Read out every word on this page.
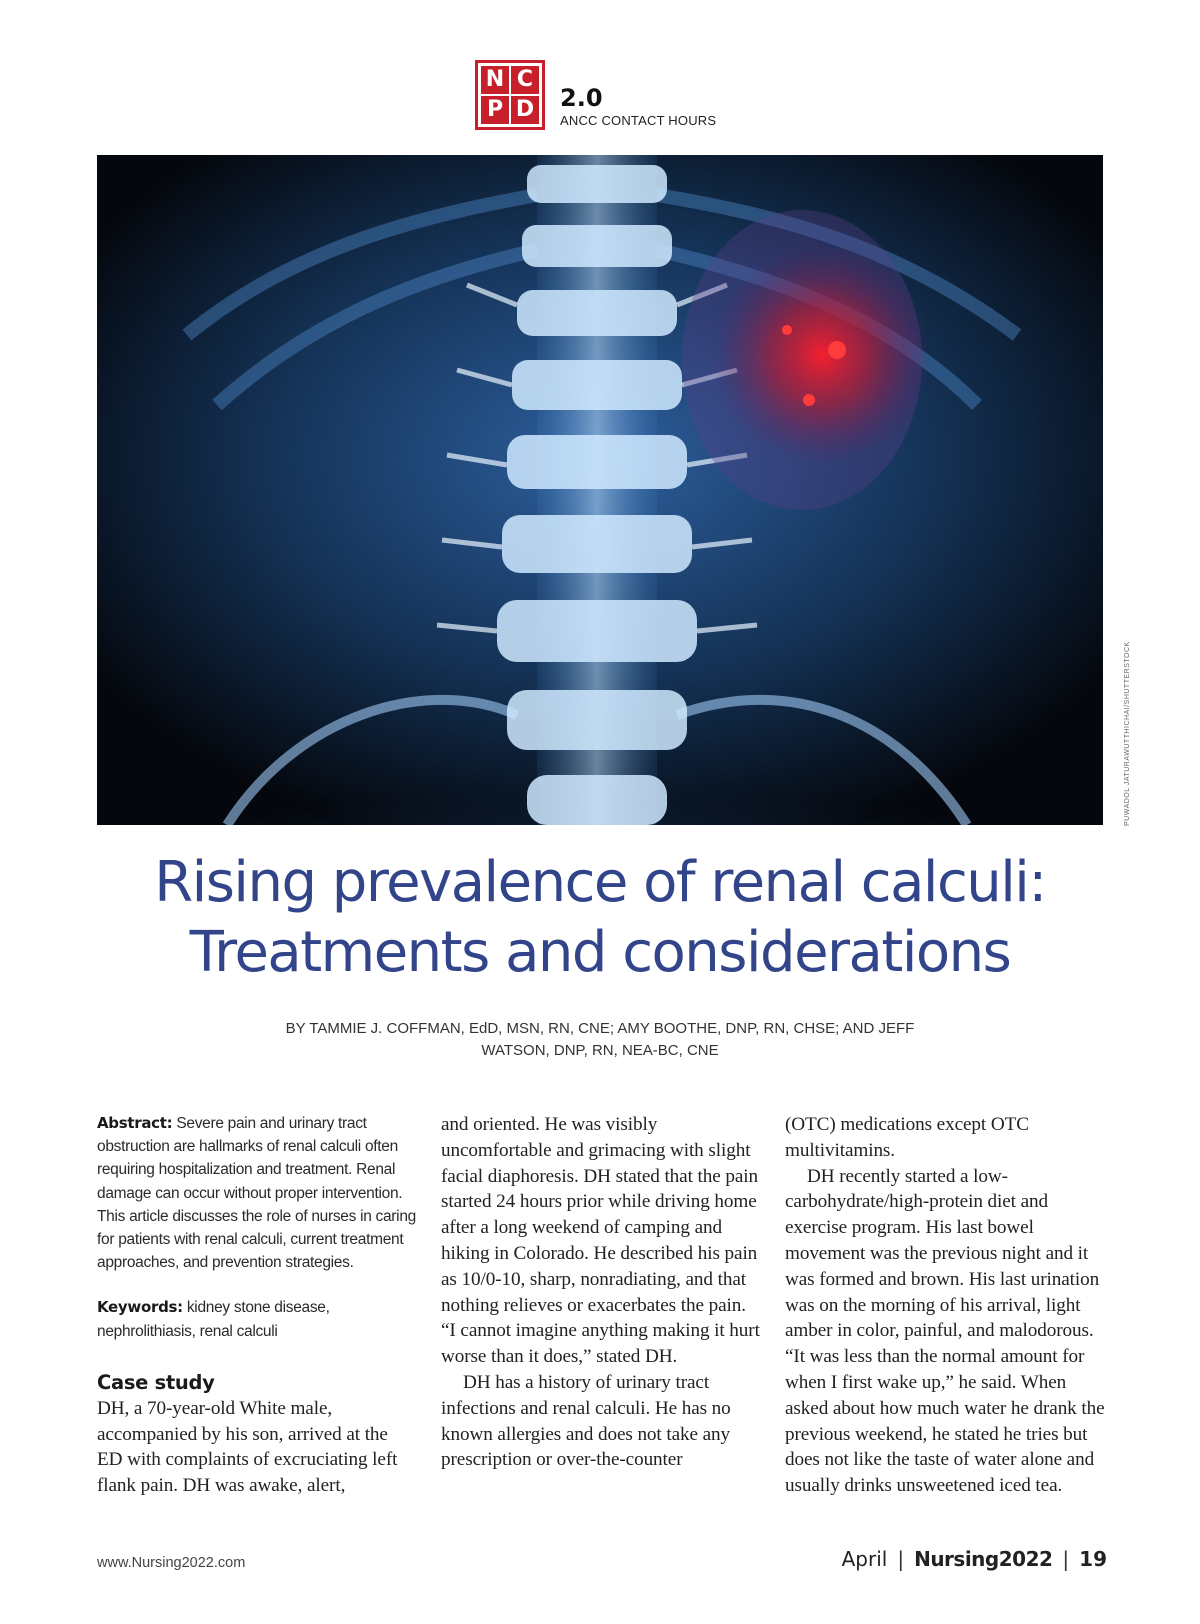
N C
P D 2.0
ANCC CONTACT HOURS
PUWADOL JATURAWUTTHICHAI/SHUTTERSTOCK
Rising prevalence of renal calculi:
Treatments and considerations
BY TAMMIE J. COFFMAN, EdD, MSN, RN, CNE; AMY BOOTHE, DNP, RN, CHSE; AND JEFF
WATSON, DNP, RN, NEA-BC, CNE

Abstract: Severe pain and urinary tract obstruction are hallmarks of renal calculi often requiring hospitalization and treatment. Renal damage can occur without proper intervention. This article discusses the role of nurses in caring for patients with renal calculi, current treatment approaches, and prevention strategies.

Keywords: kidney stone disease, nephrolithiasis, renal calculi

Case study

DH, a 70-year-old White male, accompanied by his son, arrived at the ED with complaints of excruciating left flank pain. DH was awake, alert,

and oriented. He was visibly uncomfortable and grimacing with slight facial diaphoresis. DH stated that the pain started 24 hours prior while driving home after a long weekend of camping and hiking in Colorado. He described his pain as 10/0-10, sharp, nonradiating, and that nothing relieves or exacerbates the pain. “I cannot imagine anything making it hurt worse than it does,” stated DH.

DH has a history of urinary tract infections and renal calculi. He has no known allergies and does not take any prescription or over-the-counter

(OTC) medications except OTC multivitamins.

DH recently started a low-carbohydrate/high-protein diet and exercise program. His last bowel movement was the previous night and it was formed and brown. His last urination was on the morning of his arrival, light amber in color, painful, and malodorous. “It was less than the normal amount for when I first wake up,” he said. When asked about how much water he drank the previous weekend, he stated he tries but does not like the taste of water alone and usually drinks unsweetened iced tea.

www.Nursing2022.com	April | Nursing2022 | 19
